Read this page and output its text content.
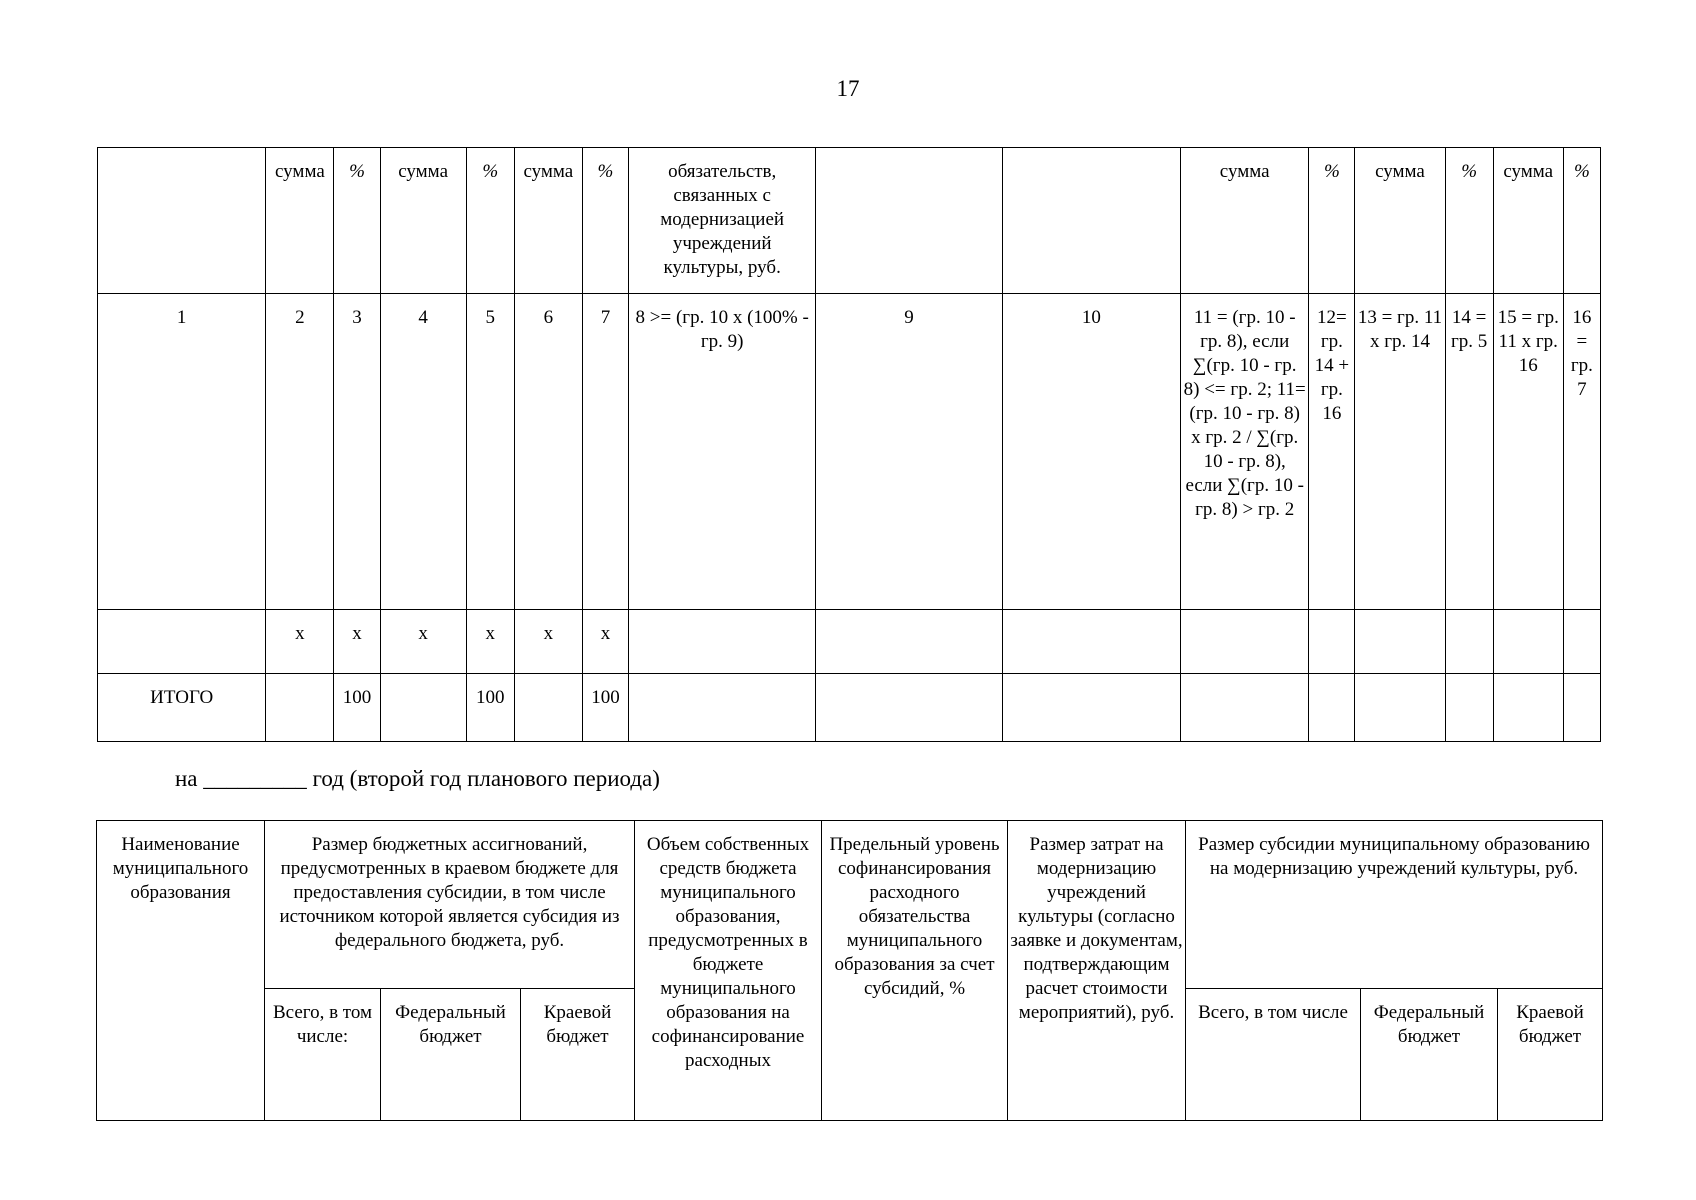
17
	сумма	%	сумма	%	сумма	%	обязательств, связанных с модернизацией учреждений культуры, руб.			сумма	%	сумма	%	сумма	%
1	2	3	4	5	6	7	8 >= (гр. 10 x (100% - гр. 9)	9	10	11 = (гр. 10 - гр. 8), если ∑(гр. 10 - гр. 8) <= гр. 2; 11= (гр. 10 - гр. 8) x гр. 2 / ∑(гр. 10 - гр. 8), если ∑(гр. 10 - гр. 8) > гр. 2	12= гр. 14 + гр. 16	13 = гр. 11 x гр. 14	14 = гр. 5	15 = гр. 11 x гр. 16	16 = гр. 7
	x	x	x	x	x	x									
ИТОГО		100		100		100									
на _________ год (второй год планового периода)
Наименование муниципального образования	Размер бюджетных ассигнований, предусмотренных в краевом бюджете для предоставления субсидии, в том числе источником которой является субсидия из федерального бюджета, руб.			Объем собственных средств бюджета муниципального образования, предусмотренных в бюджете муниципального образования на софинансирование расходных	Предельный уровень софинансирования расходного обязательства муниципального образования за счет субсидий, %	Размер затрат на модернизацию учреждений культуры (согласно заявке и документам, подтверждающим расчет стоимости мероприятий), руб.	Размер субсидии муниципальному образованию на модернизацию учреждений культуры, руб.		
	Всего, в том числе:	Федеральный бюджет	Краевой бюджет				Всего, в том числе	Федеральный бюджет	Краевой бюджет
